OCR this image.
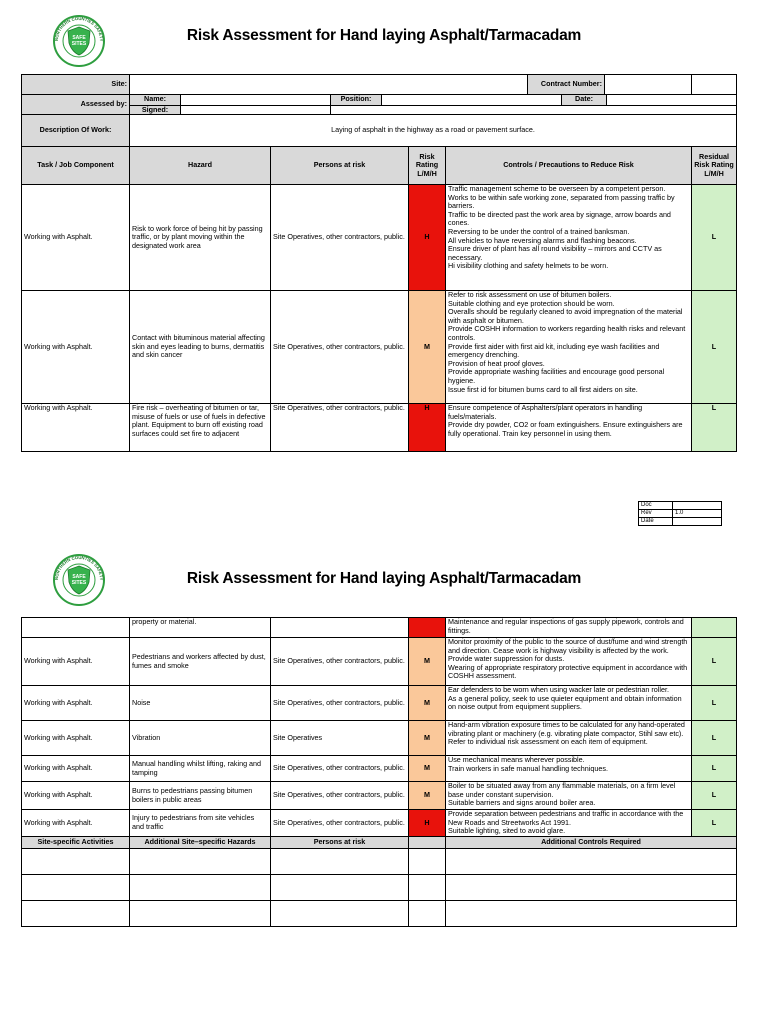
SAFE
SITES
NORTHERN COUNTIES SAFETY	Risk Assessment for Hand laying Asphalt/Tarmacadam
Site:	
		Contract Number:	

Assessed by:	
Name:		Position:		Date:	
Signed:		

Description Of Work:	Laying of asphalt in the highway as a road or pavement surface.
Task / Job Component	Hazard	Persons at risk	Risk Rating L/M/H	Controls / Precautions to Reduce Risk	Residual Risk Rating L/M/H
Working with Asphalt.	Risk to work force of being hit by passing traffic, or by plant moving within the designated work area	Site Operatives, other contractors, public.	H	
Traffic management scheme to be overseen by a competent person.
Works to be within safe working zone, separated from passing traffic by barriers.
Traffic to be directed past the work area by signage, arrow boards and cones.
Reversing to be under the control of a trained banksman.
All vehicles to have reversing alarms and flashing beacons.
Ensure driver of plant has all round visibility – mirrors and CCTV as necessary.
Hi visibility clothing and safety helmets to be worn.
	L
Working with Asphalt.	Contact with bituminous material affecting skin and eyes leading to burns, dermatitis and skin cancer	Site Operatives, other contractors, public.	M	
Refer to risk assessment on use of bitumen boilers.
Suitable clothing and eye protection should be worn.
Overalls should be regularly cleaned to avoid impregnation of the material with asphalt or bitumen.
Provide COSHH information to workers regarding health risks and relevant controls.
Provide first aider with first aid kit, including eye wash facilities and emergency drenching.
Provision of heat proof gloves.
Provide appropriate washing facilities and encourage good personal hygiene.
Issue first id for bitumen burns card to all first aiders on site.
	L
Working with Asphalt.	Fire risk – overheating of bitumen or tar, misuse of fuels or use of fuels in defective plant. Equipment to burn off existing road surfaces could set fire to adjacent	Site Operatives, other contractors, public.	H	Ensure competence of Asphalters/plant operators in handling fuels/materials.
Provide dry powder, CO2 or foam extinguishers. Ensure extinguishers are fully operational. Train key personnel in using them.
	L
Doc	
Rev	1.0
Date	
SAFE
SITES
NORTHERN COUNTIES SAFETY	Risk Assessment for Hand laying Asphalt/Tarmacadam
	property or material.			Maintenance and regular inspections of gas supply pipework, controls and fittings.	

Working with Asphalt.	Pedestrians and workers affected by dust, fumes and smoke	Site Operatives, other contractors, public.	M	Monitor proximity of the public to the source of dust/fume and wind strength and direction. Cease work is highway visibility is affected by the work. Provide water suppression for dusts.
Wearing of appropriate respiratory protective equipment in accordance with COSHH assessment.	L
Working with Asphalt.	Noise	Site Operatives, other contractors, public.	M	Ear defenders to be worn when using wacker late or pedestrian roller.
As a general policy, seek to use quieter equipment and obtain information on noise output from equipment suppliers.	L
Working with Asphalt.	Vibration	Site Operatives	M	Hand-arm vibration exposure times to be calculated for any hand-operated vibrating plant or machinery (e.g. vibrating plate compactor, Stihl saw etc). Refer to individual risk assessment on each item of equipment.	L
Working with Asphalt.	Manual handling whilst lifting, raking and tamping	Site Operatives, other contractors, public.	M	Use mechanical means wherever possible.
Train workers in safe manual handling techniques.	L
Working with Asphalt.	Burns to pedestrians passing bitumen boilers in public areas	Site Operatives, other contractors, public.	M	Boiler to be situated away from any flammable materials, on a firm level base under constant supervision.
Suitable barriers and signs around boiler area.	L
Working with Asphalt.	Injury to pedestrians from site vehicles and traffic	Site Operatives, other contractors, public.	H	Provide separation between pedestrians and traffic in accordance with the New Roads and Streetworks Act 1991.
Suitable lighting, sited to avoid glare.	L
Site-specific Activities	Additional Site–specific Hazards	Persons at risk		Additional Controls Required	
